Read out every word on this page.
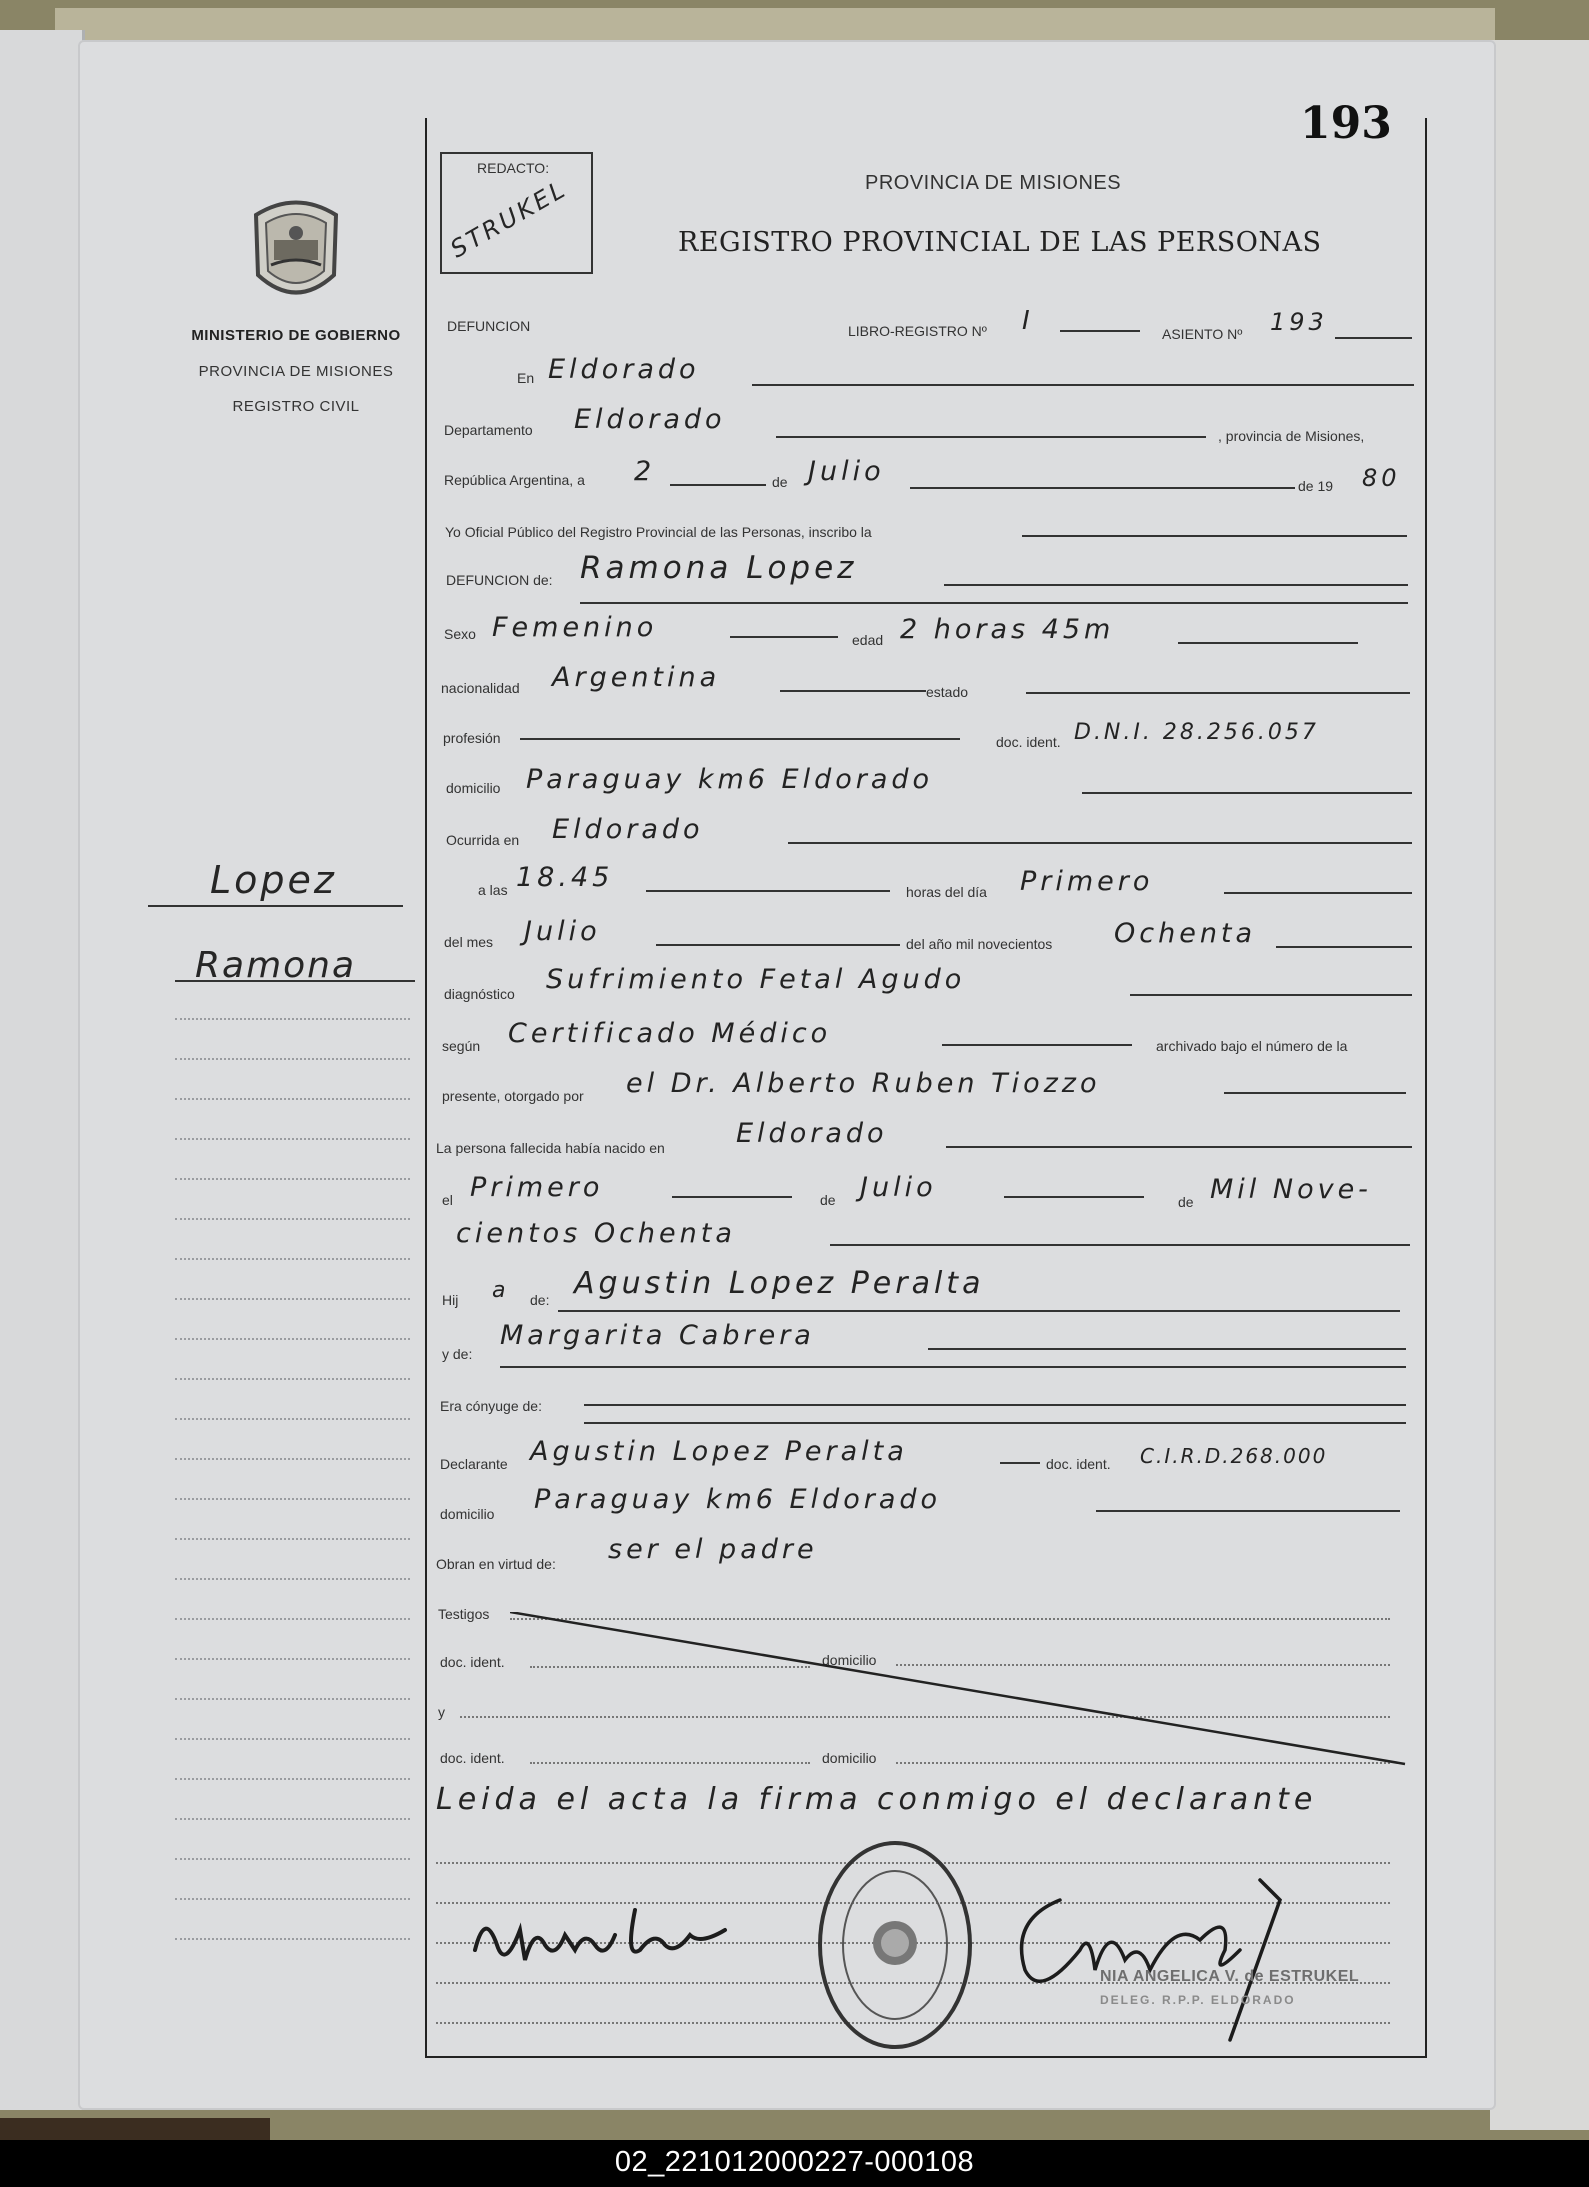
02_221012000227-000108
MINISTERIO DE GOBIERNO
PROVINCIA DE MISIONES
REGISTRO CIVIL
Lopez
Ramona
193
REDACTO:
STRUKEL	PROVINCIA DE MISIONES
REGISTRO PROVINCIAL DE LAS PERSONAS
DEFUNCION	LIBRO-REGISTRO Nº I	ASIENTO Nº 193
En Eldorado
Departamento Eldorado
, provincia de Misiones,
República Argentina, a 2	de Julio	de 19 80
Yo Oficial Público del Registro Provincial de las Personas, inscribo la
DEFUNCION de: Ramona Lopez
Sexo Femenino	edad 2 horas 45m
nacionalidad Argentina	estado
profesión	doc. ident. D.N.I. 28.256.057
domicilio Paraguay km6 Eldorado
Ocurrida en Eldorado
a las 18.45	horas del día Primero
del mes Julio	del año mil novecientos Ochenta
diagnóstico Sufrimiento Fetal Agudo
según Certificado Médico	archivado bajo el número de la
presente, otorgado por el Dr. Alberto Ruben Tiozzo
La persona fallecida había nacido en	Eldorado
el Primero	de Julio	de Mil Nove-
cientos Ochenta
Hij a de: Agustin Lopez Peralta
y de:
Margarita Cabrera
Era cónyuge de:
Declarante Agustin Lopez Peralta	doc. ident. C.I.R.D.268.000
domicilio Paraguay km6 Eldorado
Obran en virtud de: ser el padre
Testigos
doc. ident.	domicilio
y
doc. ident.	domicilio
Leida el acta la firma conmigo el declarante
NIA ANGELICA V. de ESTRUKEL
DELEG. R.P.P. ELDORADO
